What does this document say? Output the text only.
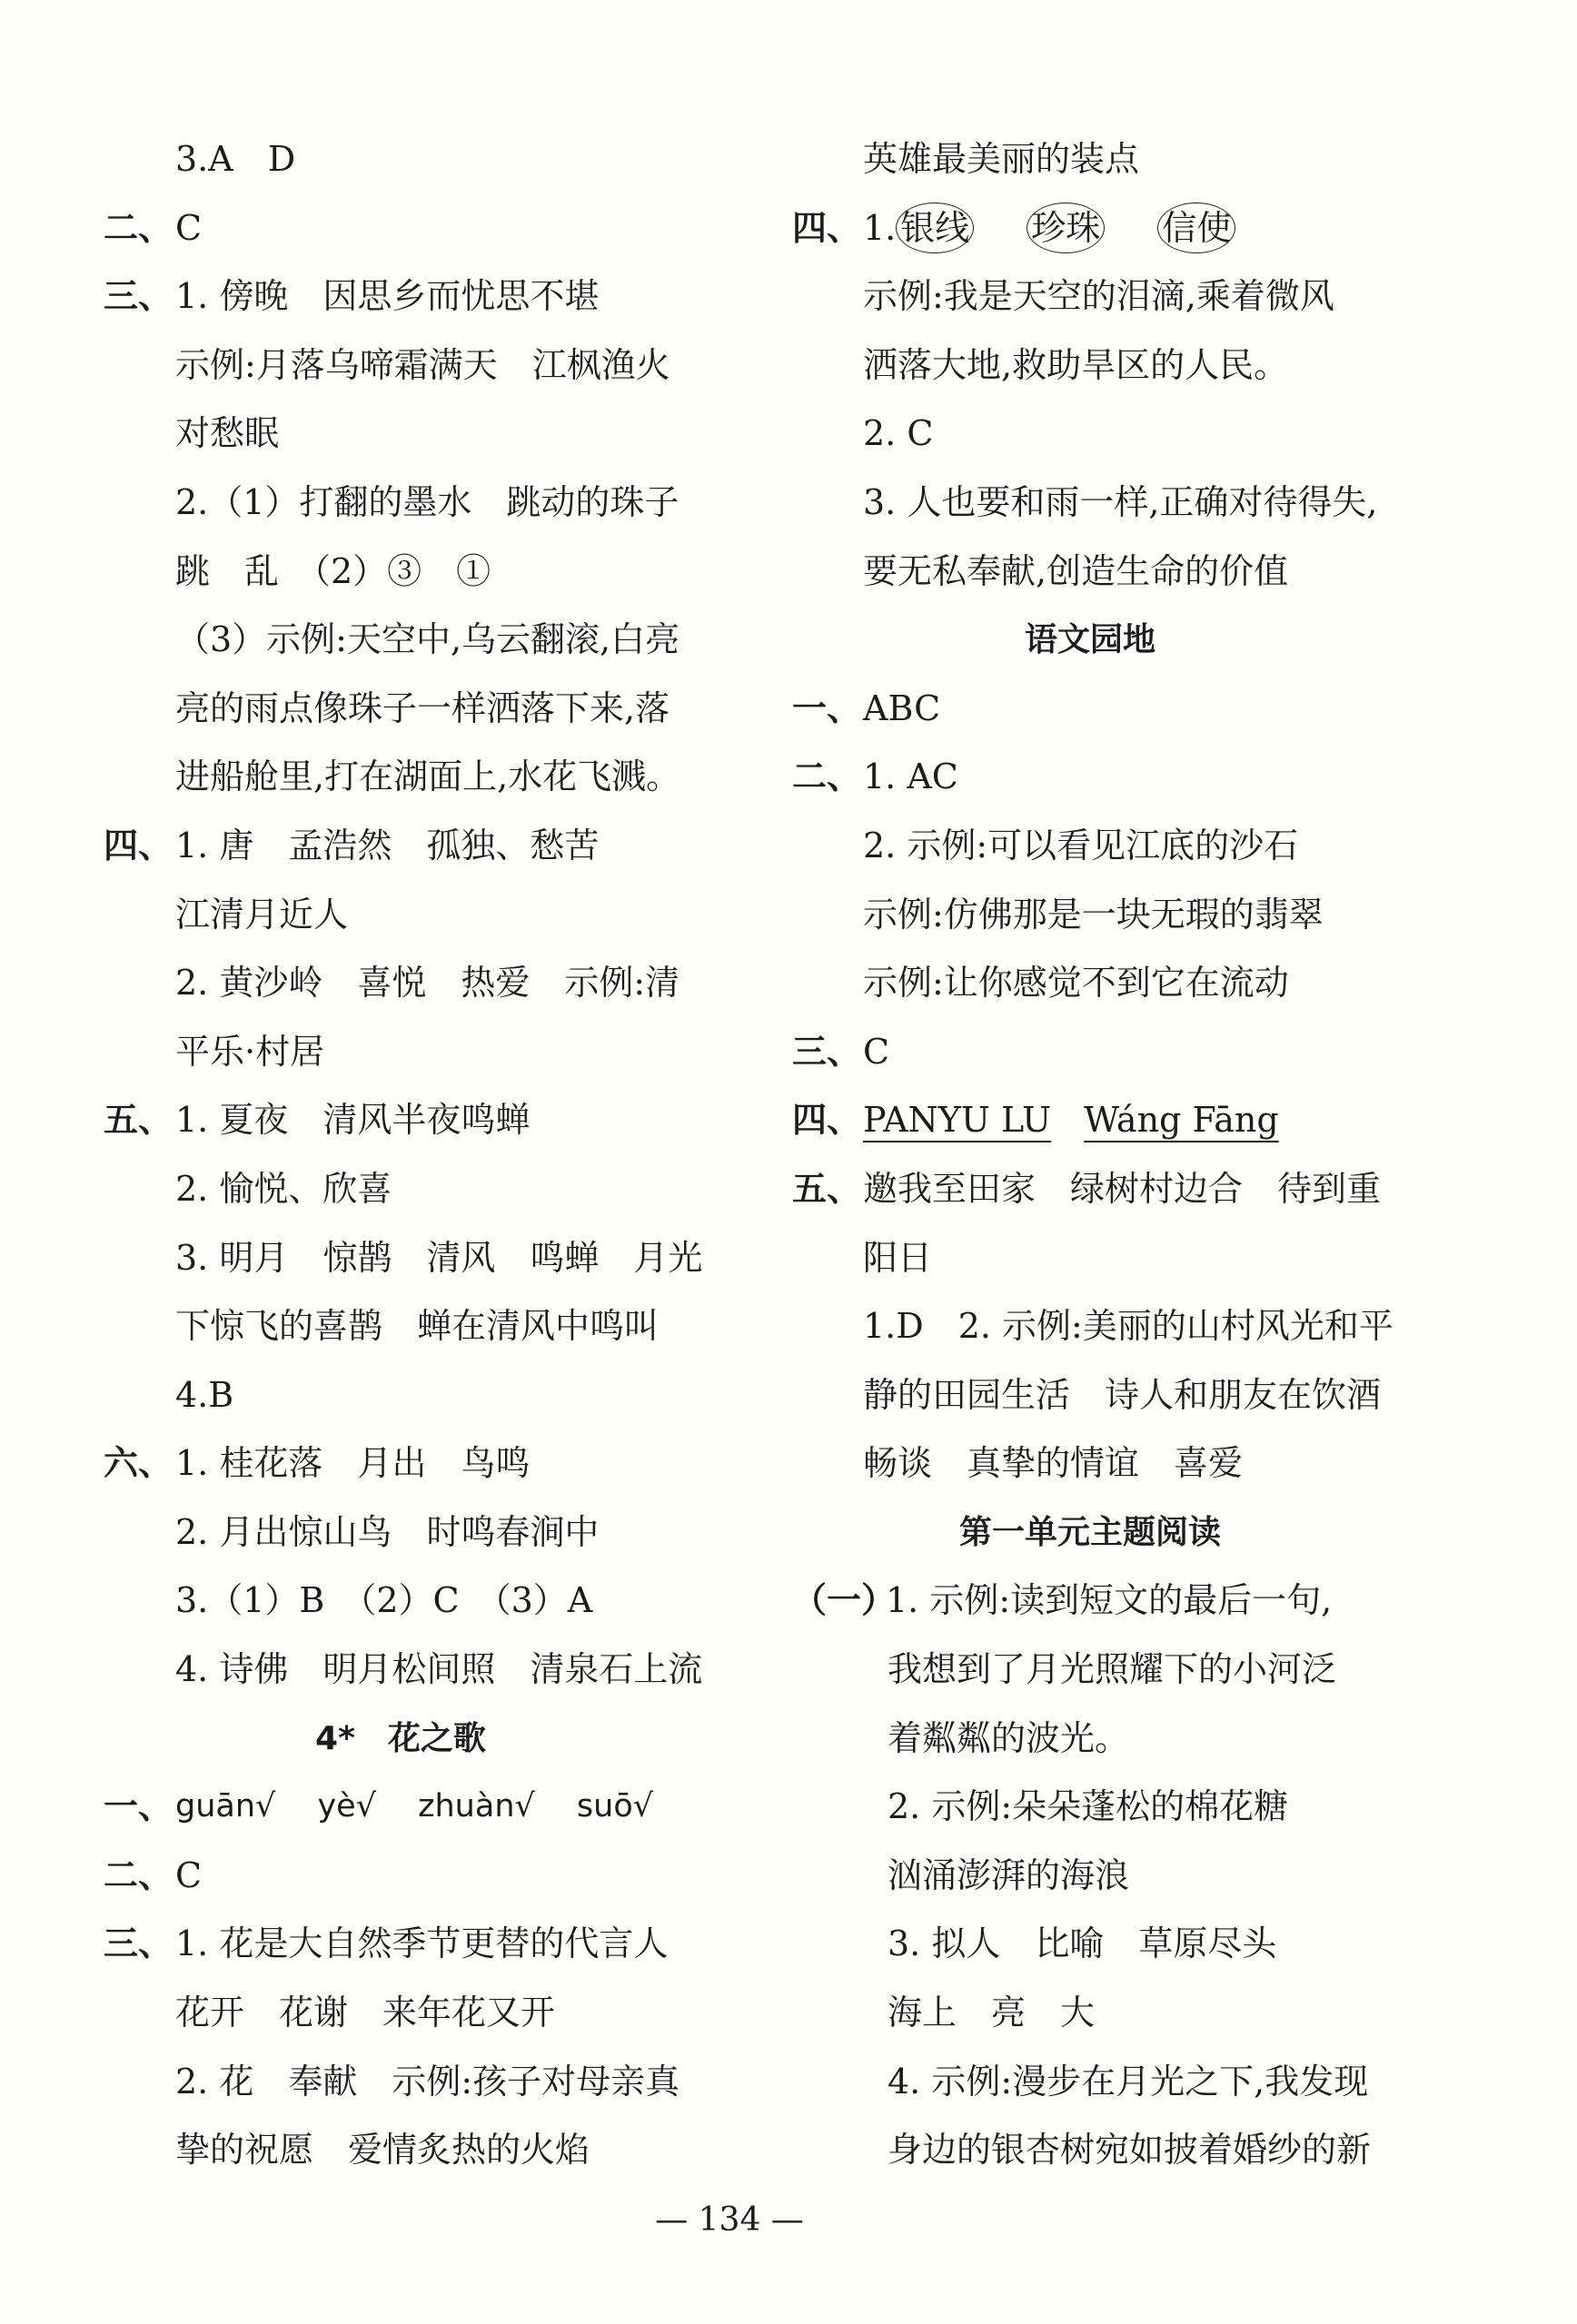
3.A　D
二、 C
三、 1. 傍晚　因思乡而忧思不堪
示例:月落乌啼霜满天　江枫渔火
对愁眠
2.（1）打翻的墨水　跳动的珠子
跳　乱　（2）③　①
（3）示例:天空中,乌云翻滚,白亮
亮的雨点像珠子一样洒落下来,落
进船舱里,打在湖面上,水花飞溅。
四、 1. 唐　孟浩然　孤独、愁苦
江清月近人
2. 黄沙岭　喜悦　热爱　示例:清
平乐·村居
五、 1. 夏夜　清风半夜鸣蝉
2. 愉悦、欣喜
3. 明月　惊鹊　清风　鸣蝉　月光
下惊飞的喜鹊　蝉在清风中鸣叫
4.B
六、 1. 桂花落　月出　鸟鸣
2. 月出惊山鸟　时鸣春涧中
3.（1）B　（2）C　（3）A
4. 诗佛　明月松间照　清泉石上流
4*　花之歌
一、 guān√　 yè√　 zhuàn√　 suō√
二、 C
三、 1. 花是大自然季节更替的代言人
花开　花谢　来年花又开
2. 花　奉献　示例:孩子对母亲真
挚的祝愿　爱情炙热的火焰
英雄最美丽的装点
四、 1. 银线 珍珠 信使
示例:我是天空的泪滴,乘着微风
洒落大地,救助旱区的人民。
2. C
3. 人也要和雨一样,正确对待得失,
要无私奉献,创造生命的价值
语文园地
一、 ABC
二、 1. AC
2. 示例:可以看见江底的沙石
示例:仿佛那是一块无瑕的翡翠
示例:让你感觉不到它在流动
三、 C
四、 PANYU LU Wáng Fāng
五、 邀我至田家　绿树村边合　待到重
阳日
1.D　2. 示例:美丽的山村风光和平
静的田园生活　诗人和朋友在饮酒
畅谈　真挚的情谊　喜爱
第一单元主题阅读
（一）
1. 示例:读到短文的最后一句,
我想到了月光照耀下的小河泛
着粼粼的波光。
2. 示例:朵朵蓬松的棉花糖
汹涌澎湃的海浪
3. 拟人　比喻　草原尽头
海上　亮　大
4. 示例:漫步在月光之下,我发现
身边的银杏树宛如披着婚纱的新
— 134 —
